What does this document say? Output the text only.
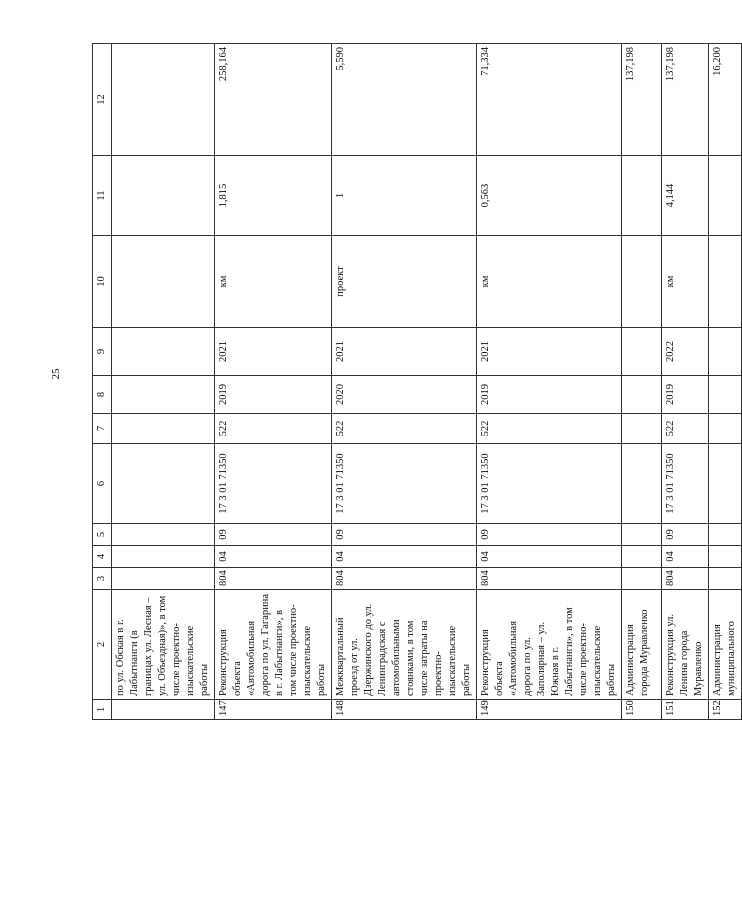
25
1	2	3	4	5	6	7	8	9	10	11	12
	по ул. Обская в г. Лабытнанги (в границах ул. Лесная – ул. Объездная)», в том числе проектно-изыскательские работы										
147	Реконструкция объекта «Автомобильная дорога по ул. Гагарина в г. Лабытнанги», в том числе проектно-изыскательские работы	804	04	09	17 3 01 71350	522	2019	2021	км	1,815	258,164
148	Межквартальный проезд от ул. Дзержинского до ул. Ленинградская с автомобильными стоянками, в том числе затраты на проектно-изыскательские работы	804	04	09	17 3 01 71350	522	2020	2021	проект	1	5,590
149	Реконструкция объекта «Автомобильная дорога по ул. Заполярная – ул. Южная в г. Лабытнанги», в том числе проектно-изыскательские работы	804	04	09	17 3 01 71350	522	2019	2021	км	0,563	71,334
150	Администрация города Муравленко										137,198
151	Реконструкция ул. Ленина города Муравленко	804	04	09	17 3 01 71350	522	2019	2022	км	4,144	137,198
152	Администрация муниципального										16,200
